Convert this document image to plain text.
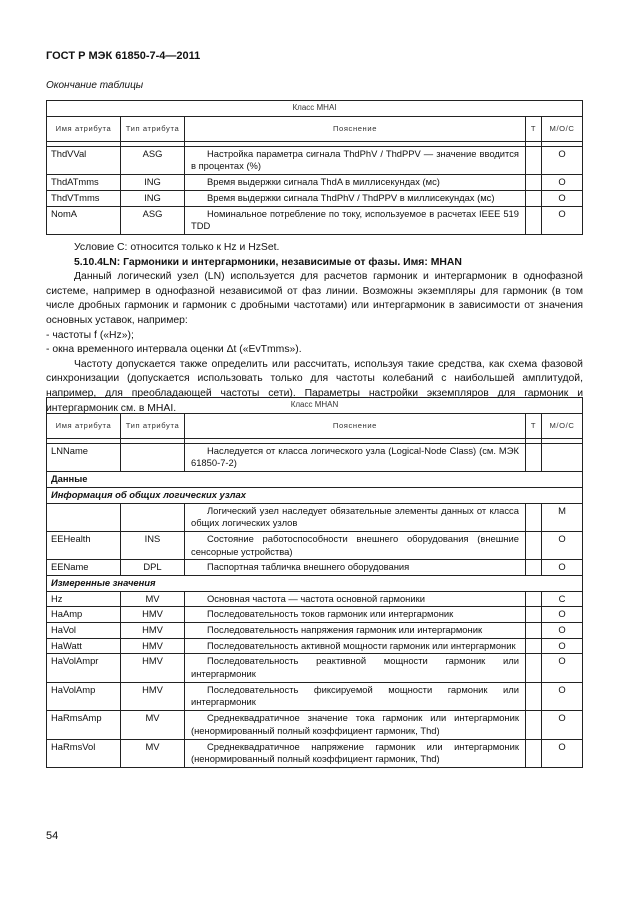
ГОСТ Р МЭК 61850-7-4—2011
Окончание таблицы
Класс MHAI				
Имя атрибута	Тип атрибута	Пояснение	T	M/O/C

ThdVVal	ASG	Настройка параметра сигнала ThdPhV / ThdPPV — значение вводится в процентах (%)		O
ThdATmms	ING	Время выдержки сигнала ThdA в миллисекундах (мс)		O
ThdVTmms	ING	Время выдержки сигнала ThdPhV / ThdPPV в миллисекундах (мс)		O
NomA	ASG	Номинальное потребление по току, используемое в расчетах IEEE 519 TDD		O

Условие С: относится только к Hz и HzSet.

5.10.4LN: Гармоники и интергармоники, независимые от фазы. Имя: MHAN

Данный логический узел (LN) используется для расчетов гармоник и интергармоник в однофазной системе, например в однофазной независимой от фаз линии. Возможны экземпляры для гармоник (в том числе дробных гармоник и гармоник с дробными частотами) или интергармоник в зависимости от значения основных уставок, например:

- частоты f («Hz»);

- окна временного интервала оценки Δt («EvTmms»).

Частоту допускается также определить или рассчитать, используя такие средства, как схема фазовой синхронизации (допускается использовать только для частоты колебаний с наибольшей амплитудой, например, для преобладающей частоты сети). Параметры настройки экземпляров для гармоник и интергармоник см. в MHAI.	Класс MHAN				
Имя атрибута	Тип атрибута	Пояснение	T	M/O/C

LNName		Наследуется от класса логического узла (Logical-Node Class) (см. МЭК 61850-7-2)		
Данные				
Информация об общих логических узлах				
		Логический узел наследует обязательные элементы данных от класса общих логических узлов		M
EEHealth	INS	Состояние работоспособности внешнего оборудования (внешние сенсорные устройства)		O
EEName	DPL	Паспортная табличка внешнего оборудования		O
Измеренные значения				
Hz	MV	Основная частота — частота основной гармоники		C
HaAmp	HMV	Последовательность токов гармоник или интергармоник		O
HaVol	HMV	Последовательность напряжения гармоник или интергармоник		O
HaWatt	HMV	Последовательность активной мощности гармоник или интергармоник		O
HaVolAmpr	HMV	Последовательность реактивной мощности гармоник или интергармоник		O
HaVolAmp	HMV	Последовательность фиксируемой мощности гармоник или интергармоник		O
HaRmsAmp	MV	Среднеквадратичное значение тока гармоник или интергармоник (ненормированный полный коэффициент гармоник, Thd)		O
HaRmsVol	MV	Среднеквадратичное напряжение гармоник или интергармоник (ненормированный полный коэффициент гармоник, Thd)		O
54
